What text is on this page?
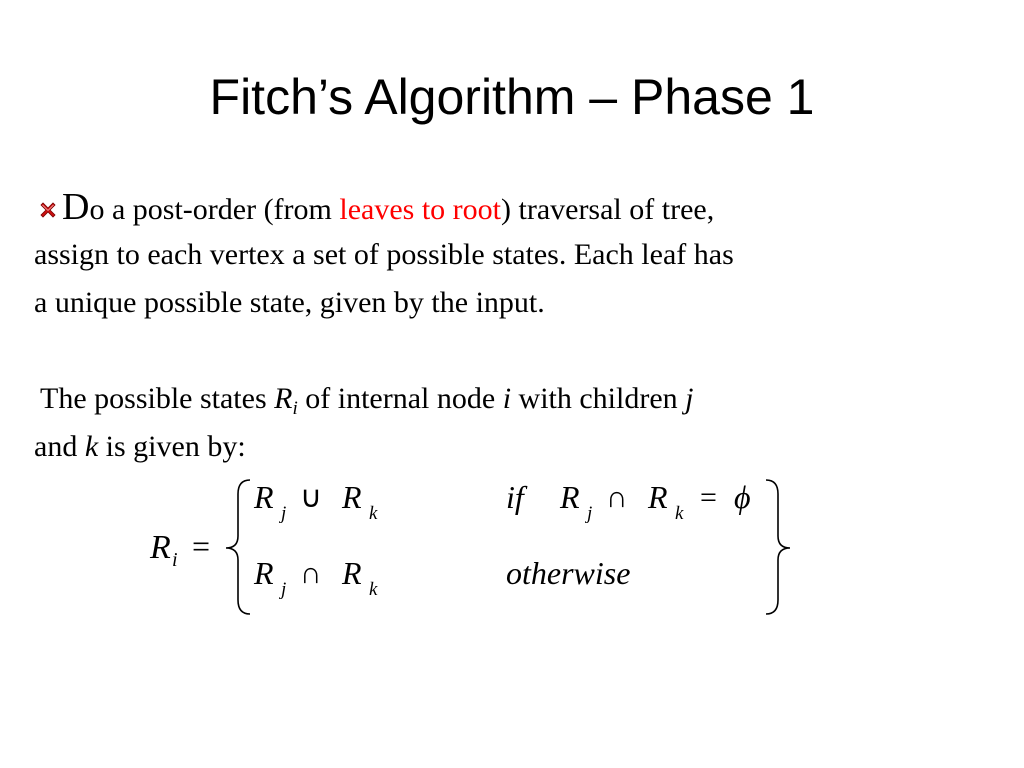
Fitch’s Algorithm – Phase 1
Do a post-order (from leaves to root) traversal of tree,
assign to each vertex a set of possible states. Each leaf has
a unique possible state, given by the input.
The possible states $R_i$ of internal node i with children j
and k is given by:
R i =
R j ∪ R k	if R j ∩ R k = ϕ
R j ∩ R k	otherwise
